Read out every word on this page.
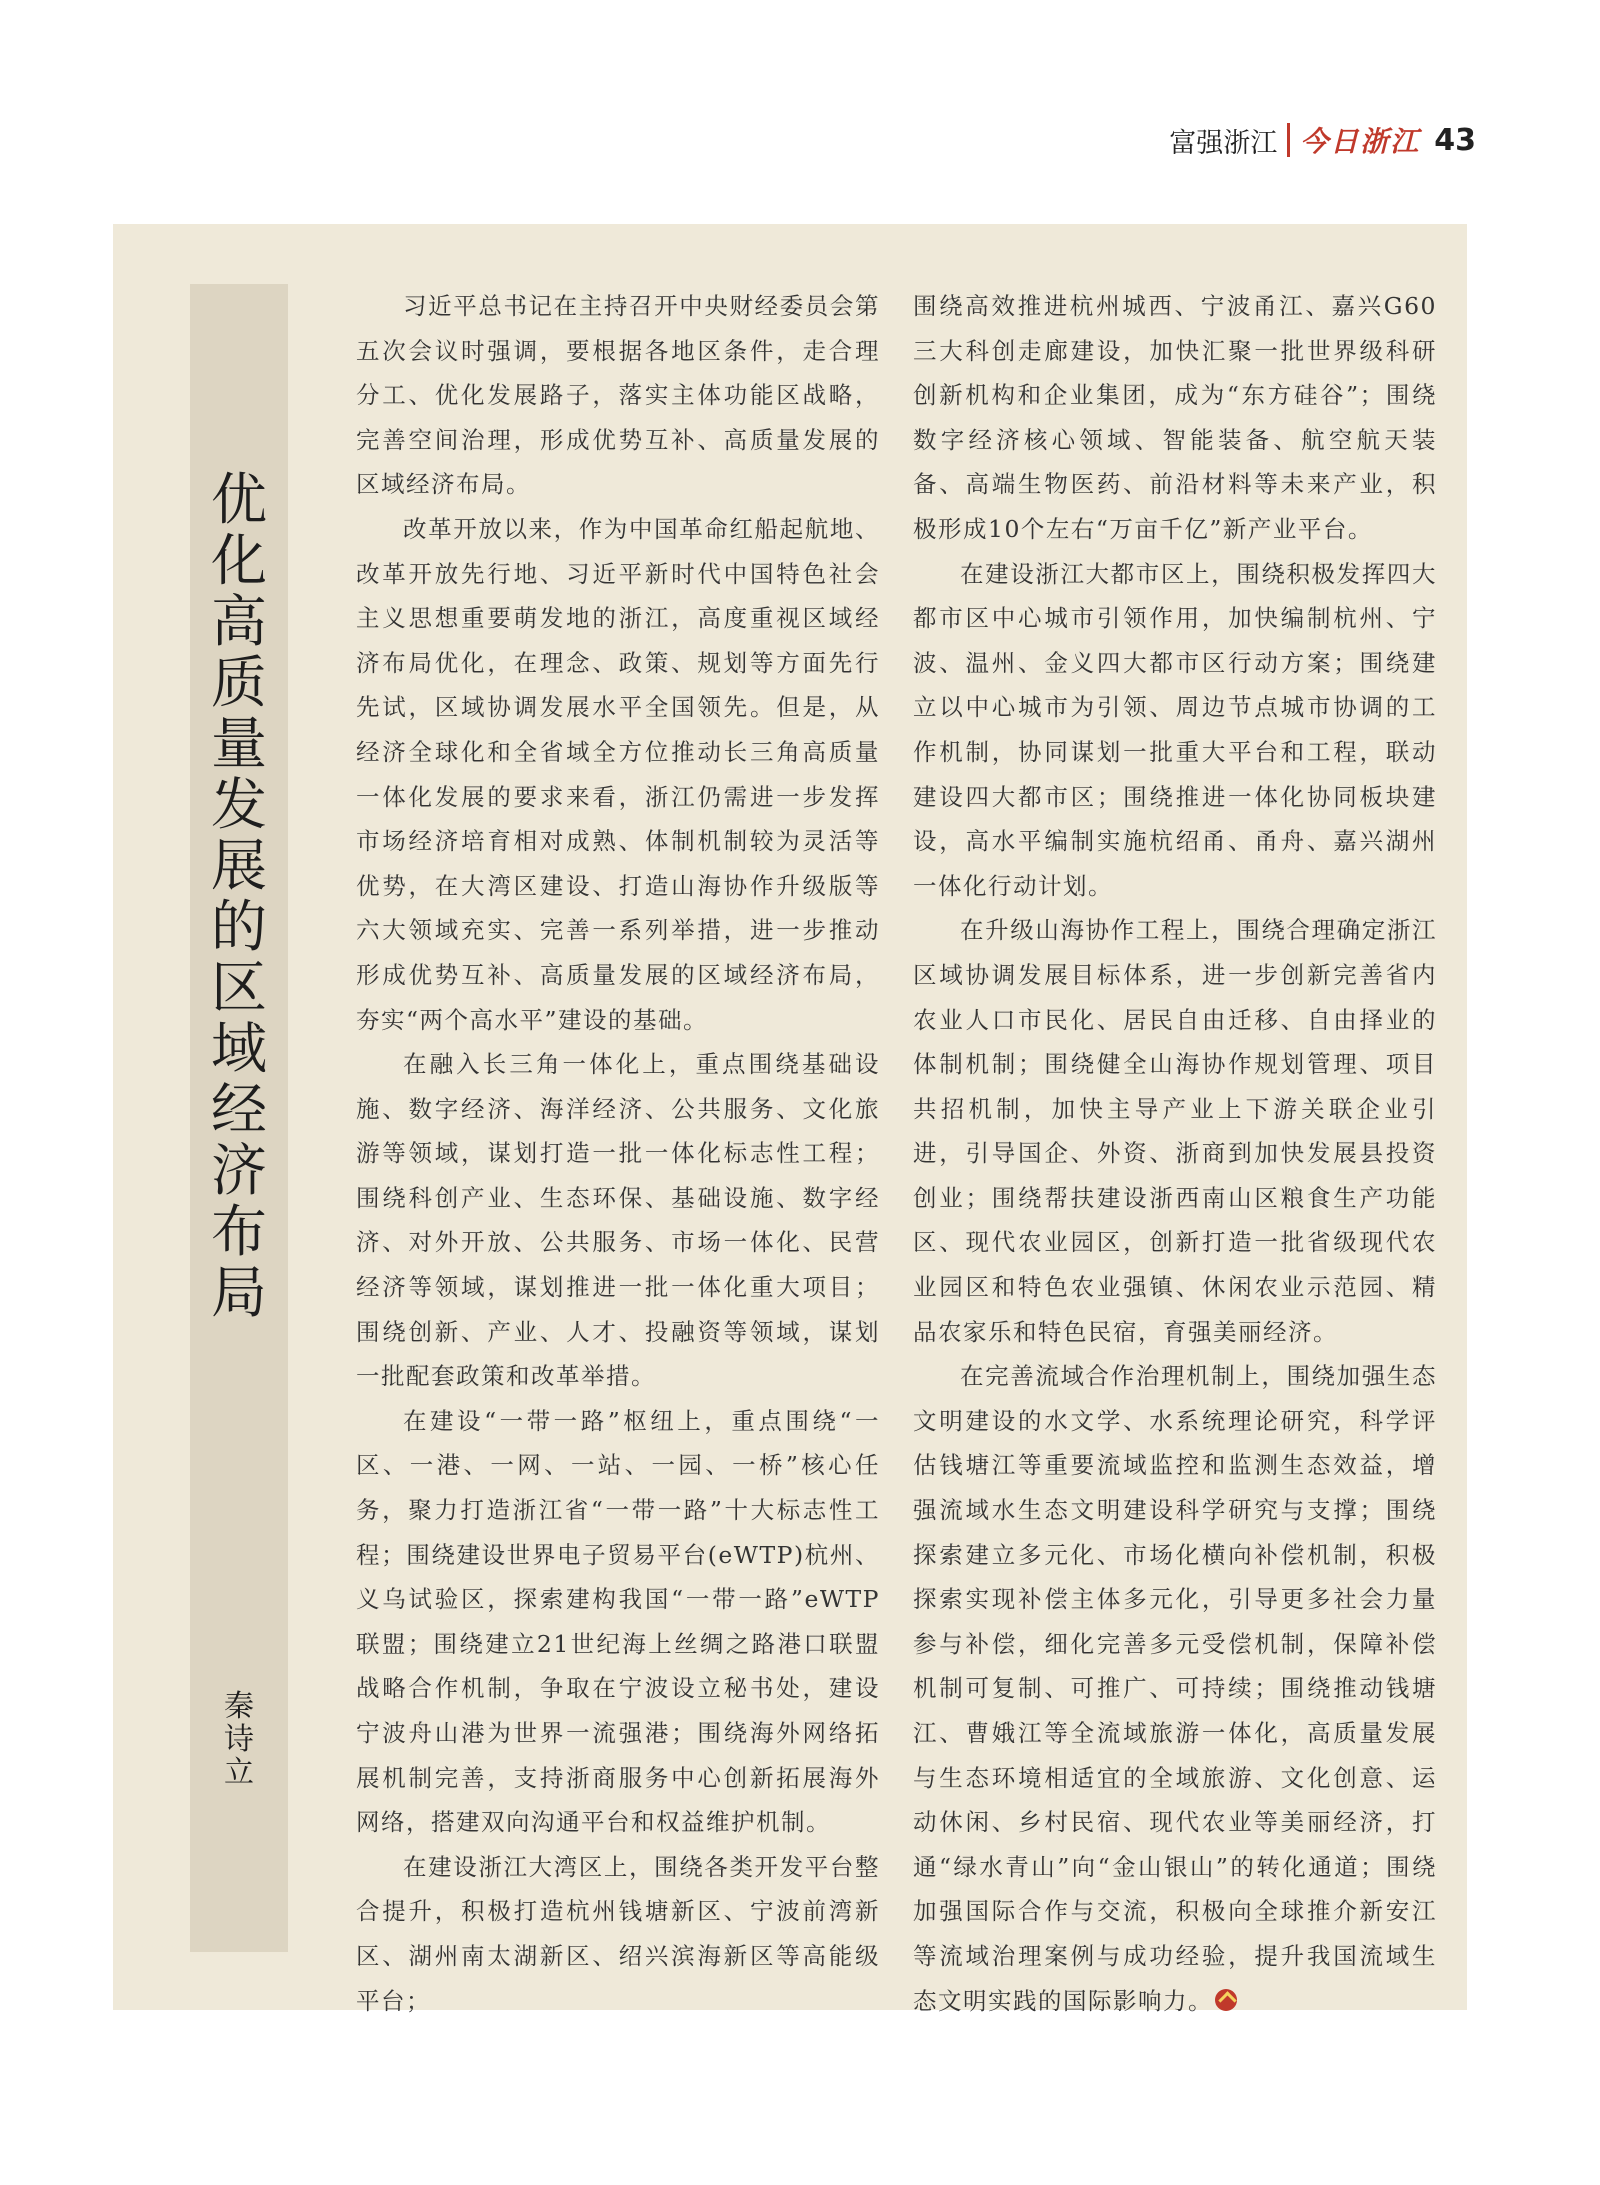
富强浙江 今日浙江 43
优化高质量发展的区域经济布局
秦诗立

习近平总书记在主持召开中央财经委员会第五次会议时强调，要根据各地区条件，走合理分工、优化发展路子，落实主体功能区战略，完善空间治理，形成优势互补、高质量发展的区域经济布局。

改革开放以来，作为中国革命红船起航地、改革开放先行地、习近平新时代中国特色社会主义思想重要萌发地的浙江，高度重视区域经济布局优化，在理念、政策、规划等方面先行先试，区域协调发展水平全国领先。但是，从经济全球化和全省域全方位推动长三角高质量一体化发展的要求来看，浙江仍需进一步发挥市场经济培育相对成熟、体制机制较为灵活等优势，在大湾区建设、打造山海协作升级版等六大领域充实、完善一系列举措，进一步推动形成优势互补、高质量发展的区域经济布局，夯实“两个高水平”建设的基础。

在融入长三角一体化上，重点围绕基础设施、数字经济、海洋经济、公共服务、文化旅游等领域，谋划打造一批一体化标志性工程；围绕科创产业、生态环保、基础设施、数字经济、对外开放、公共服务、市场一体化、民营经济等领域，谋划推进一批一体化重大项目；围绕创新、产业、人才、投融资等领域，谋划一批配套政策和改革举措。

在建设“一带一路”枢纽上，重点围绕“一区、一港、一网、一站、一园、一桥”核心任务，聚力打造浙江省“一带一路”十大标志性工程；围绕建设世界电子贸易平台(eWTP)杭州、义乌试验区，探索建构我国“一带一路”eWTP联盟；围绕建立21世纪海上丝绸之路港口联盟战略合作机制，争取在宁波设立秘书处，建设宁波舟山港为世界一流强港；围绕海外网络拓展机制完善，支持浙商服务中心创新拓展海外网络，搭建双向沟通平台和权益维护机制。

在建设浙江大湾区上，围绕各类开发平台整合提升，积极打造杭州钱塘新区、宁波前湾新区、湖州南太湖新区、绍兴滨海新区等高能级平台；

围绕高效推进杭州城西、宁波甬江、嘉兴G60三大科创走廊建设，加快汇聚一批世界级科研创新机构和企业集团，成为“东方硅谷”；围绕数字经济核心领域、智能装备、航空航天装备、高端生物医药、前沿材料等未来产业，积极形成10个左右“万亩千亿”新产业平台。

在建设浙江大都市区上，围绕积极发挥四大都市区中心城市引领作用，加快编制杭州、宁波、温州、金义四大都市区行动方案；围绕建立以中心城市为引领、周边节点城市协调的工作机制，协同谋划一批重大平台和工程，联动建设四大都市区；围绕推进一体化协同板块建设，高水平编制实施杭绍甬、甬舟、嘉兴湖州一体化行动计划。

在升级山海协作工程上，围绕合理确定浙江区域协调发展目标体系，进一步创新完善省内农业人口市民化、居民自由迁移、自由择业的体制机制；围绕健全山海协作规划管理、项目共招机制，加快主导产业上下游关联企业引进，引导国企、外资、浙商到加快发展县投资创业；围绕帮扶建设浙西南山区粮食生产功能区、现代农业园区，创新打造一批省级现代农业园区和特色农业强镇、休闲农业示范园、精品农家乐和特色民宿，育强美丽经济。

在完善流域合作治理机制上，围绕加强生态文明建设的水文学、水系统理论研究，科学评估钱塘江等重要流域监控和监测生态效益，增强流域水生态文明建设科学研究与支撑；围绕探索建立多元化、市场化横向补偿机制，积极探索实现补偿主体多元化，引导更多社会力量参与补偿，细化完善多元受偿机制，保障补偿机制可复制、可推广、可持续；围绕推动钱塘江、曹娥江等全流域旅游一体化，高质量发展与生态环境相适宜的全域旅游、文化创意、运动休闲、乡村民宿、现代农业等美丽经济，打通“绿水青山”向“金山银山”的转化通道；围绕加强国际合作与交流，积极向全球推介新安江等流域治理案例与成功经验，提升我国流域生态文明实践的国际影响力。
